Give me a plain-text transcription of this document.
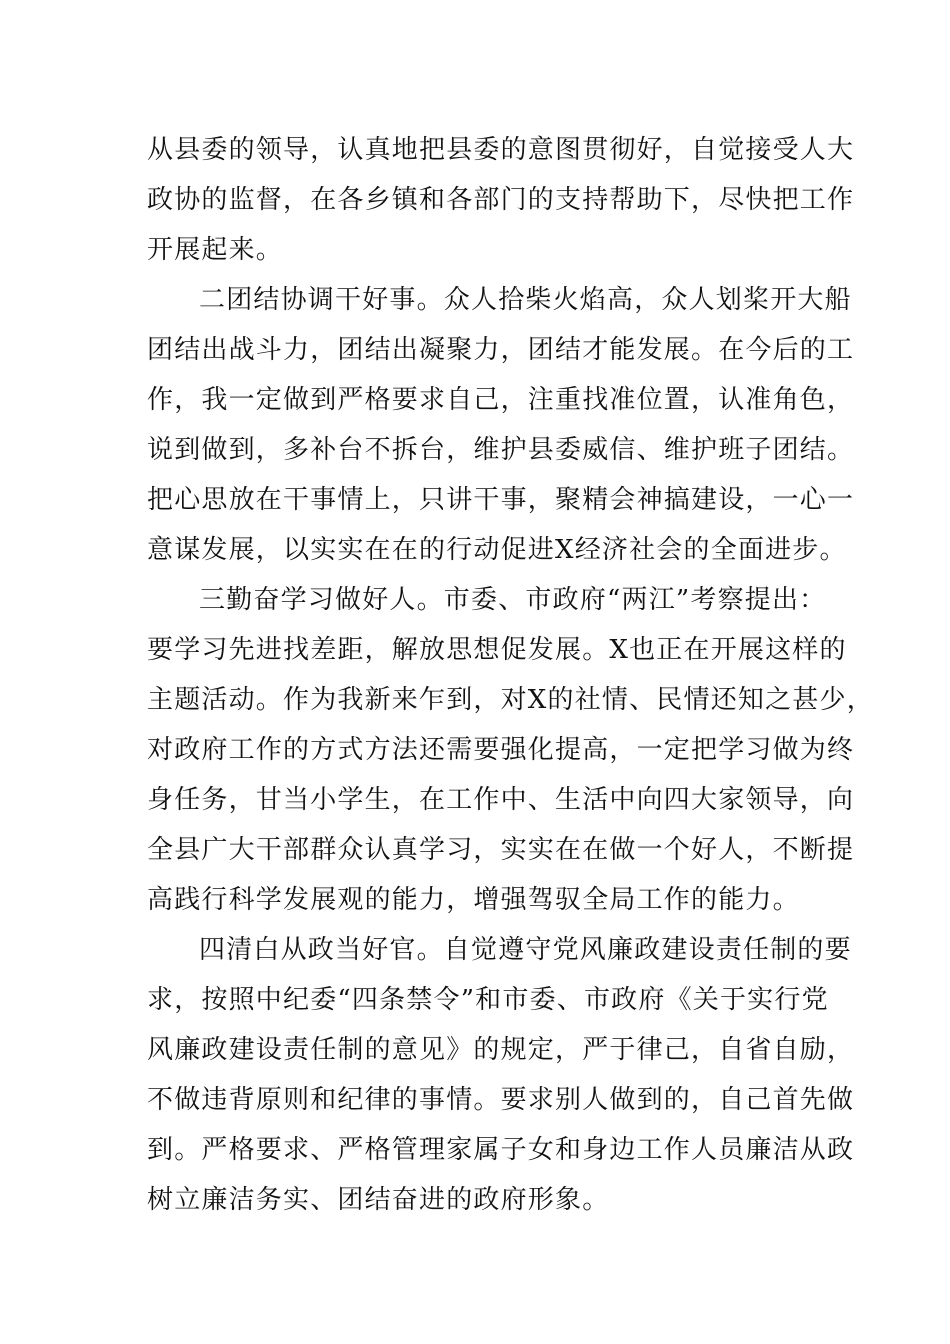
从县委的领导，认真地把县委的意图贯彻好，自觉接受人大
政协的监督，在各乡镇和各部门的支持帮助下，尽快把工作
开展起来。
二团结协调干好事。众人拾柴火焰高，众人划桨开大船
团结出战斗力，团结出凝聚力，团结才能发展。在今后的工
作，我一定做到严格要求自己，注重找准位置，认准角色，
说到做到，多补台不拆台，维护县委威信、维护班子团结。
把心思放在干事情上，只讲干事，聚精会神搞建设，一心一
意谋发展，以实实在在的行动促进X经济社会的全面进步。
三勤奋学习做好人。市委、市政府“两江”考察提出：
要学习先进找差距，解放思想促发展。X也正在开展这样的
主题活动。作为我新来乍到，对X的社情、民情还知之甚少，
对政府工作的方式方法还需要强化提高，一定把学习做为终
身任务，甘当小学生，在工作中、生活中向四大家领导，向
全县广大干部群众认真学习，实实在在做一个好人，不断提
高践行科学发展观的能力，增强驾驭全局工作的能力。
四清白从政当好官。自觉遵守党风廉政建设责任制的要
求，按照中纪委“四条禁令”和市委、市政府《关于实行党
风廉政建设责任制的意见》的规定，严于律己，自省自励，
不做违背原则和纪律的事情。要求别人做到的，自己首先做
到。严格要求、严格管理家属子女和身边工作人员廉洁从政
树立廉洁务实、团结奋进的政府形象。
